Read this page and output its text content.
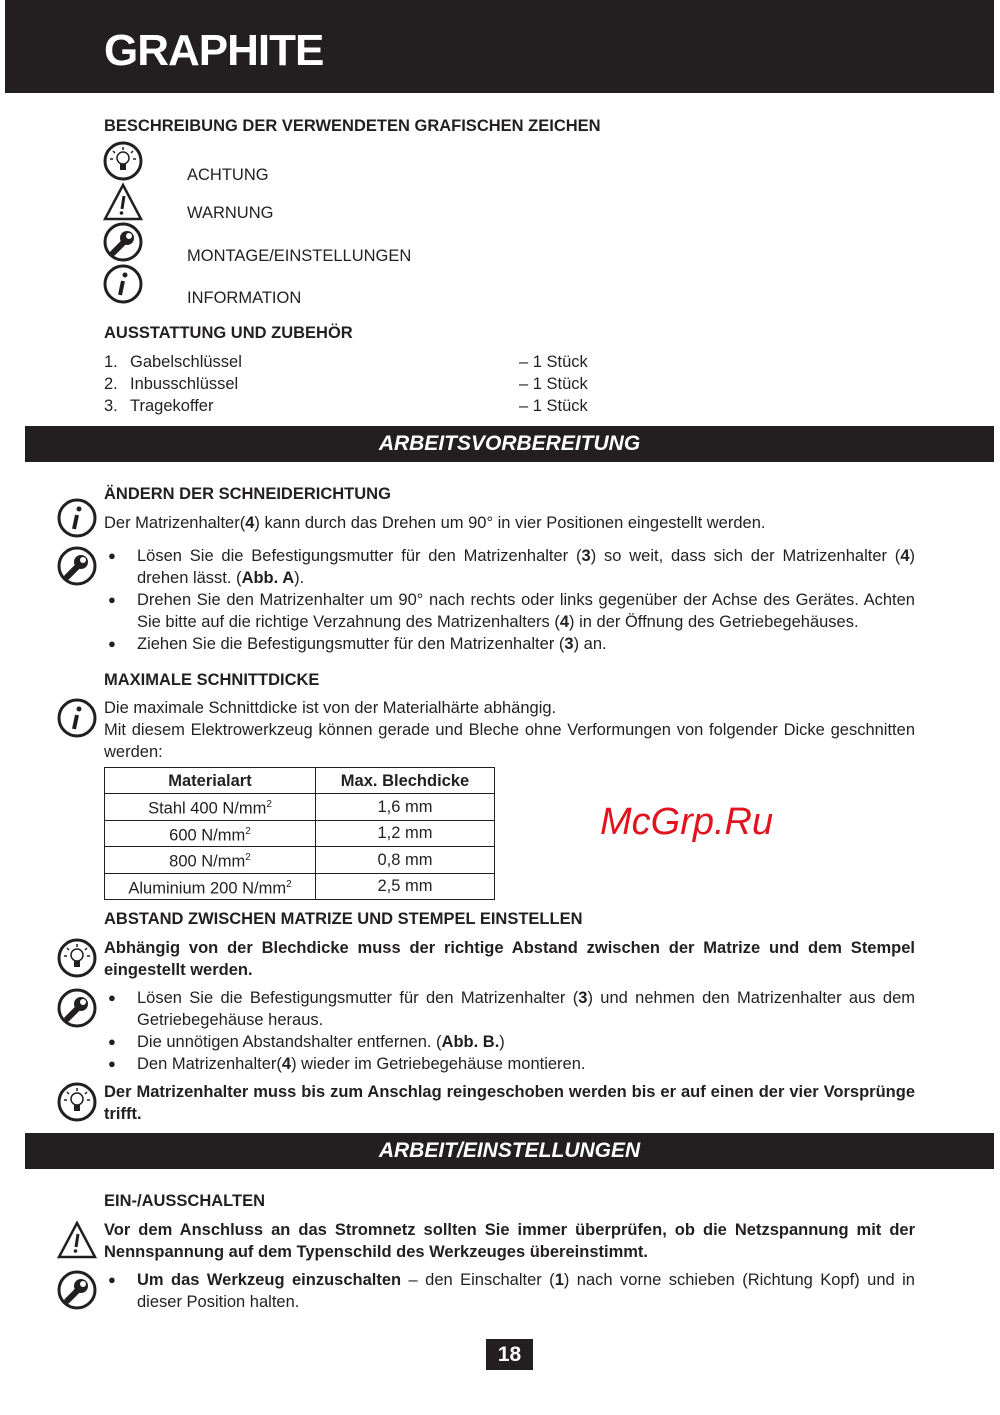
GRAPHITE
BESCHREIBUNG DER VERWENDETEN GRAFISCHEN ZEICHEN
ACHTUNG
WARNUNG
MONTAGE/EINSTELLUNGEN
INFORMATION
AUSSTATTUNG UND ZUBEHÖR
1. Gabelschlüssel	– 1 Stück
2. Inbusschlüssel	– 1 Stück
3. Tragekoffer	– 1 Stück
ARBEITSVORBEREITUNG
ÄNDERN DER SCHNEIDERICHTUNG
Der Matrizenhalter(4) kann durch das Drehen um 90° in vier Positionen eingestellt werden.
● Lösen Sie die Befestigungsmutter für den Matrizenhalter (3) so weit, dass sich der Matrizenhalter (4) drehen lässt. (Abb. A).
● Drehen Sie den Matrizenhalter um 90° nach rechts oder links gegenüber der Achse des Gerätes. Achten Sie bitte auf die richtige Verzahnung des Matrizenhalters (4) in der Öffnung des Getriebegehäuses.
● Ziehen Sie die Befestigungsmutter für den Matrizenhalter (3) an.
MAXIMALE SCHNITTDICKE
Die maximale Schnittdicke ist von der Materialhärte abhängig.
Mit diesem Elektrowerkzeug können gerade und Bleche ohne Verformungen von folgender Dicke geschnitten werden:
Materialart	Max. Blechdicke
Stahl 400 $N/mm^2$	1,6 mm
600 $N/mm^2$	1,2 mm
800 $N/mm^2$	0,8 mm
Aluminium 200 $N/mm^2$	2,5 mm
ABSTAND ZWISCHEN MATRIZE UND STEMPEL EINSTELLEN
Abhängig von der Blechdicke muss der richtige Abstand zwischen der Matrize und dem Stempel eingestellt werden.
● Lösen Sie die Befestigungsmutter für den Matrizenhalter (3) und nehmen den Matrizenhalter aus dem Getriebegehäuse heraus.
● Die unnötigen Abstandshalter entfernen. (Abb. B.)
● Den Matrizenhalter(4) wieder im Getriebegehäuse montieren.
Der Matrizenhalter muss bis zum Anschlag reingeschoben werden bis er auf einen der vier Vorsprünge trifft.
ARBEIT/EINSTELLUNGEN
EIN-/AUSSCHALTEN
Vor dem Anschluss an das Stromnetz sollten Sie immer überprüfen, ob die Netzspannung mit der Nennspannung auf dem Typenschild des Werkzeuges übereinstimmt.
● Um das Werkzeug einzuschalten – den Einschalter (1) nach vorne schieben (Richtung Kopf) und in dieser Position halten.
18
McGrp.Ru
